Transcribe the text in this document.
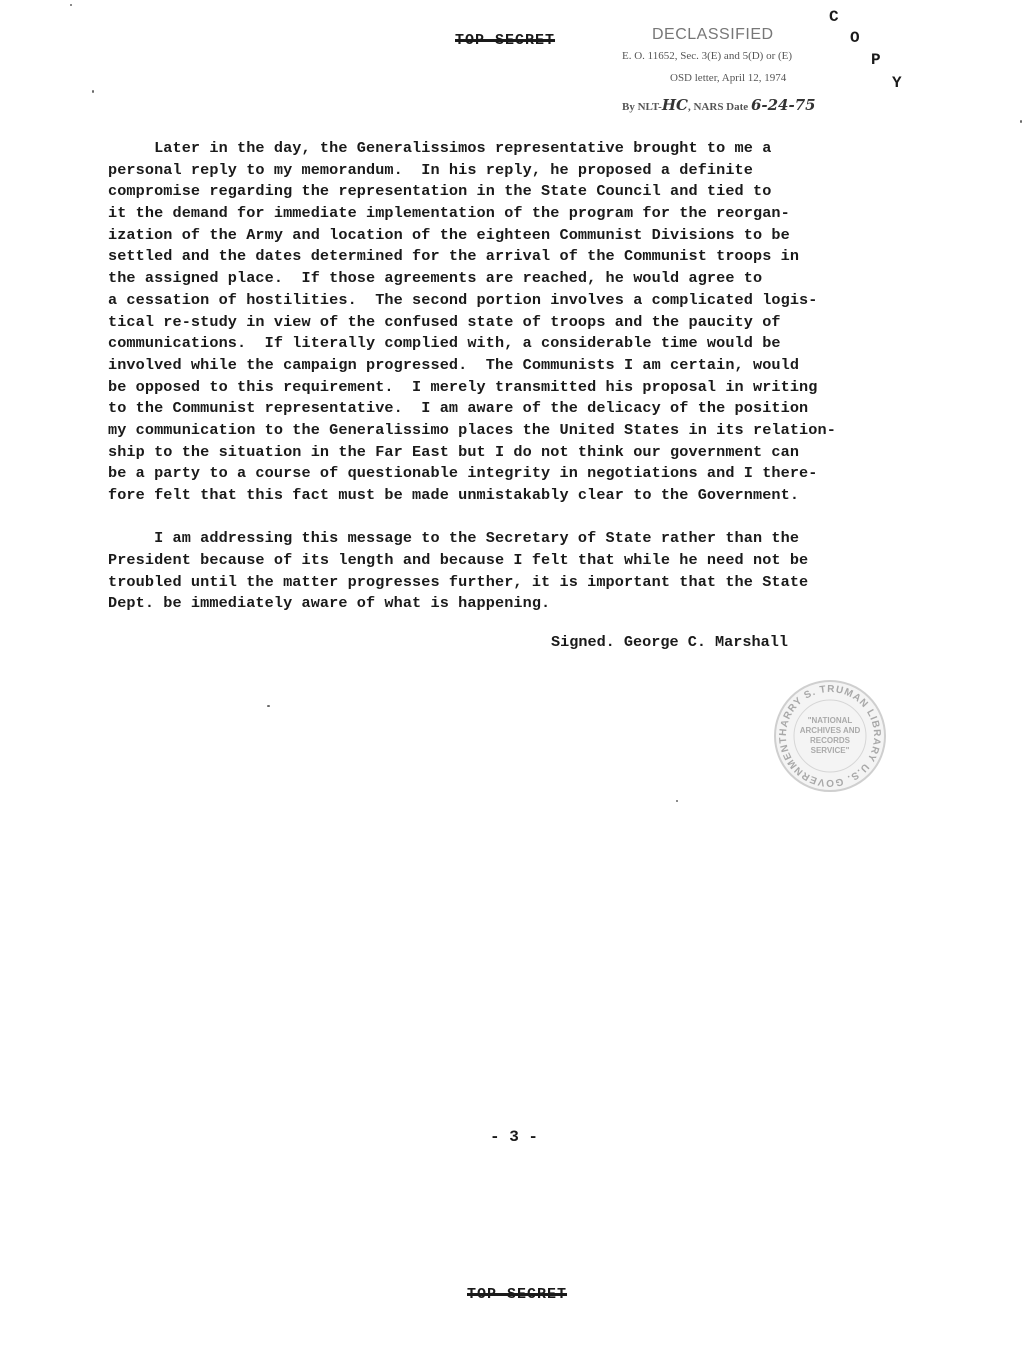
TOP SECRET	DECLASSIFIED
E. O. 11652, Sec. 3(E) and 5(D) or (E)
OSD letter, April 12, 1974
By NLT-HC, NARS Date 6-24-75
C
O
P
Y
Later in the day, the Generalissimos representative brought to me a
personal reply to my memorandum.  In his reply, he proposed a definite
compromise regarding the representation in the State Council and tied to
it the demand for immediate implementation of the program for the reorgan-
ization of the Army and location of the eighteen Communist Divisions to be
settled and the dates determined for the arrival of the Communist troops in
the assigned place.  If those agreements are reached, he would agree to
a cessation of hostilities.  The second portion involves a complicated logis-
tical re-study in view of the confused state of troops and the paucity of
communications.  If literally complied with, a considerable time would be
involved while the campaign progressed.  The Communists I am certain, would
be opposed to this requirement.  I merely transmitted his proposal in writing
to the Communist representative.  I am aware of the delicacy of the position
my communication to the Generalissimo places the United States in its relation-
ship to the situation in the Far East but I do not think our government can
be a party to a course of questionable integrity in negotiations and I there-
fore felt that this fact must be made unmistakably clear to the Government.
I am addressing this message to the Secretary of State rather than the
President because of its length and because I felt that while he need not be
troubled until the matter progresses further, it is important that the State
Dept. be immediately aware of what is happening.
Signed. George C. Marshall
HARRY S. TRUMAN LIBRARY U.S. GOVERNMENT
"NATIONAL ARCHIVES AND RECORDS SERVICE"
- 3 -
TOP SECRET
